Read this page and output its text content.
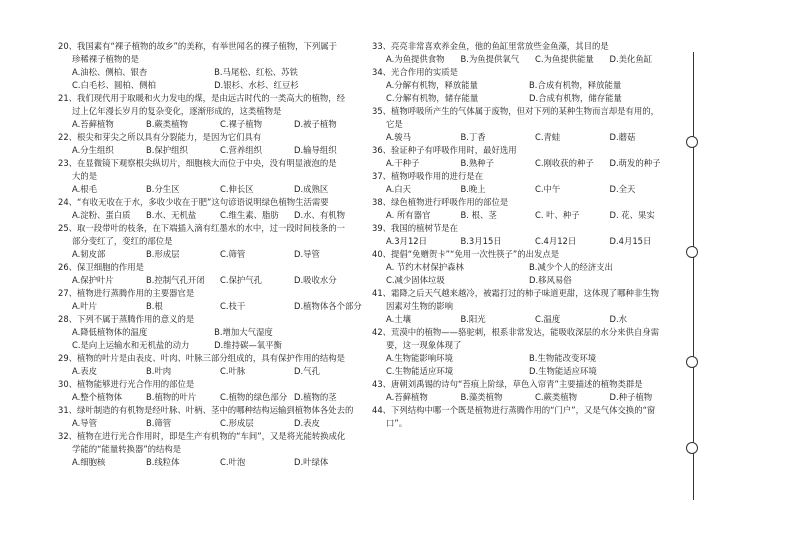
20、我国素有“裸子植物的故乡”的美称，有举世闻名的裸子植物，下列属于
珍稀裸子植物的是
A.油松、侧柏、银杏	B.马尾松、红松、苏铁
C.白毛杉、圆柏、侧柏	D.银杉、水杉、红豆杉
21、我们现代用于取暖和火力发电的煤，是由远古时代的一类高大的植物，经
过上亿年漫长岁月的复杂变化，逐渐形成的，这类植物是
A.苔藓植物	B.蕨类植物	C.裸子植物	D.被子植物
22、根尖和芽尖之所以具有分裂能力，是因为它们具有
A.分生组织	B.保护组织	C.营养组织	D.输导组织
23、在显微镜下观察根尖纵切片，细胞核大而位于中央，没有明显液泡的是
大的是
A.根毛	B.分生区	C.伸长区	D.成熟区
24、“有收无收在于水，多收少收在于肥”这句谚语说明绿色植物生活需要
A.淀粉、蛋白质	B.水、无机盐	C.维生素、脂肪	D.水、有机物
25、取一段带叶的枝条，在下端插入滴有红墨水的水中，过一段时间枝条的一
部分变红了，变红的部位是
A.韧皮部	B.形成层	C.筛管	D.导管
26、保卫细胞的作用是
A.保护叶片	B.控制气孔开闭	C.保护气孔	D.吸收水分
27、植物进行蒸腾作用的主要器官是
A.叶片	B.根	C.枝干	D.植物体各个部分
28、下列不属于蒸腾作用的意义的是
A.降低植物体的温度	B.增加大气湿度
C.是向上运输水和无机盐的动力	D.维持碳—氧平衡
29、植物的叶片是由表皮、叶肉、叶脉三部分组成的，具有保护作用的结构是
A.表皮	B.叶肉	C.叶脉	D.气孔
30、植物能够进行光合作用的部位是
A.整个植物体	B.植物的叶片	C.植物的绿色部分 D.植物的茎
31、绿叶制造的有机物是经叶脉、叶柄、茎中的哪种结构运输到植物体各处去的
A.导管	B.筛管	C.形成层	D.表皮
32、植物在进行光合作用时，即是生产有机物的“车间”，又是将光能转换成化
学能的“能量转换器”的结构是
A.细胞核	B.线粒体	C.叶泡	D.叶绿体
33、亮亮非常喜欢养金鱼，他的鱼缸里常放些金鱼藻，其目的是
A.为鱼提供食物	B.为鱼提供氧气	C.为鱼提供能量	D.美化鱼缸
34、光合作用的实质是
A.分解有机物，释放能量	B.合成有机物，释放能量
C.分解有机物，储存能量	D.合成有机物，储存能量
35、植物呼吸所产生的气体属于废物，但对下列的某种生物而言却是有用的，
它是
A.骏马	B.丁香	C.青蛙	D.蘑菇
36、验证种子有呼吸作用时，最好选用
A.干种子	B.熟种子	C.刚收获的种子	D.萌发的种子
37、植物呼吸作用的进行是在
A.白天	B.晚上	C.中午	D.全天
38、绿色植物进行呼吸作用的部位是
A. 所有器官	B. 根、茎	C. 叶、种子	D. 花、果实
39、我国的植树节是在
A.3月12日	B.3月15日	C.4月12日	D.4月15日
40、提倡“免赠贺卡”“免用一次性筷子”的出发点是
A. 节约木材保护森林	B.减少个人的经济支出
C.减少固体垃圾	D.移风易俗
41、霜降之后天气越来越冷，被霜打过的柿子味道更甜，这体现了哪种非生物
因素对生物的影响
A.土壤	B.阳光	C.温度	D.水
42、荒漠中的植物——骆驼刺，根系非常发达，能吸收深层的水分来供自身需
要，这一现象体现了
A.生物能影响环境	B.生物能改变环境
C.生物能适应环境	D.生物能适应环境
43、唐朝刘禹锡的诗句“苔痕上阶绿，草色入帘青”主要描述的植物类群是
A.苔藓植物	B.藻类植物	C.蕨类植物	D.种子植物
44、下列结构中哪一个既是植物进行蒸腾作用的“门户”，又是气体交换的“窗
口”。
